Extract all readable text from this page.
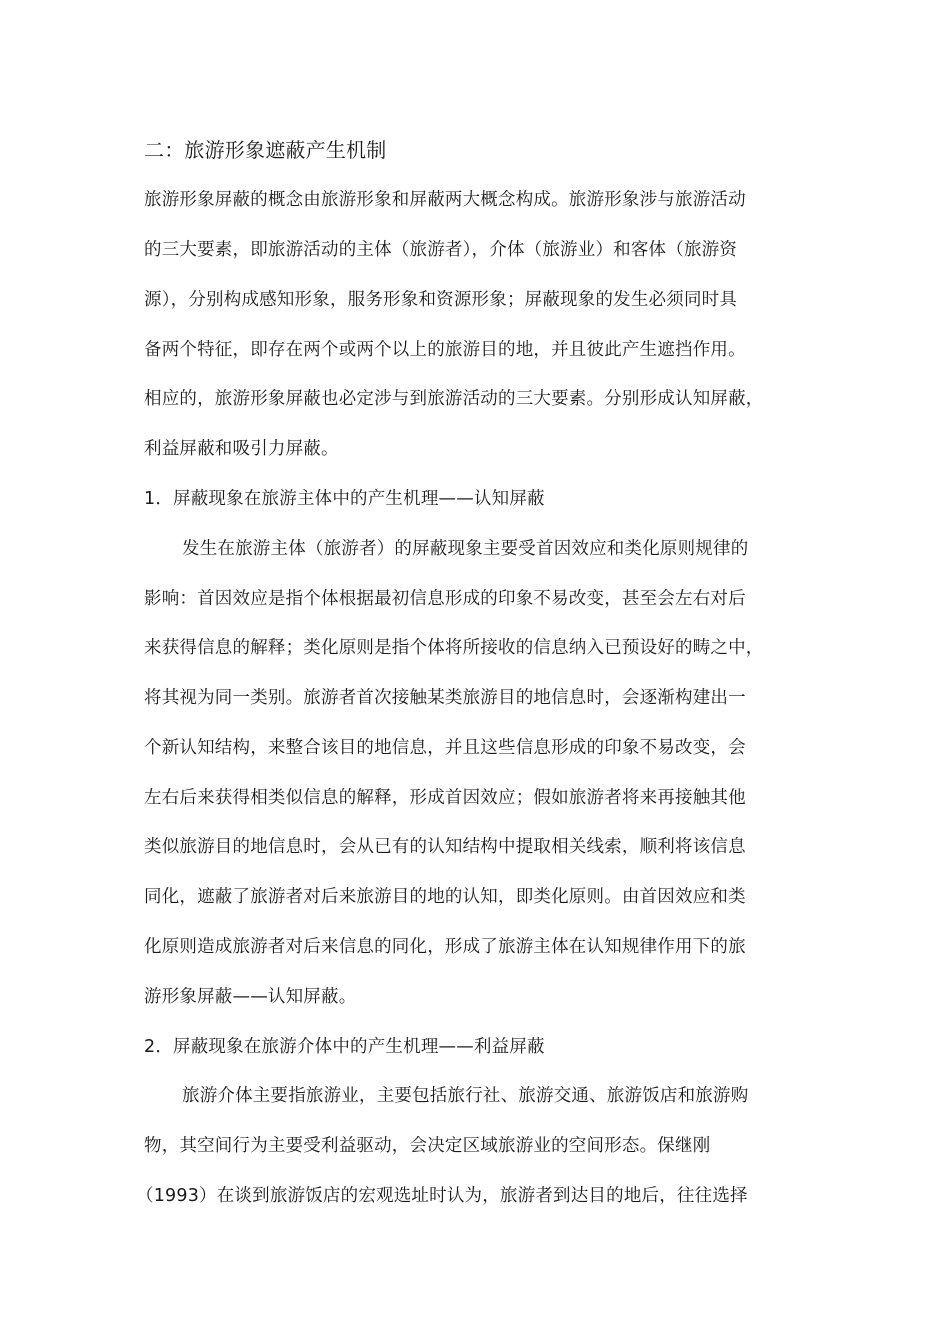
二：旅游形象遮蔽产生机制
旅游形象屏蔽的概念由旅游形象和屏蔽两大概念构成。旅游形象涉与旅游活动
的三大要素，即旅游活动的主体（旅游者），介体（旅游业）和客体（旅游资
源），分别构成感知形象，服务形象和资源形象；屏蔽现象的发生必须同时具
备两个特征，即存在两个或两个以上的旅游目的地，并且彼此产生遮挡作用。
相应的，旅游形象屏蔽也必定涉与到旅游活动的三大要素。分别形成认知屏蔽，
利益屏蔽和吸引力屏蔽。
1．屏蔽现象在旅游主体中的产生机理——认知屏蔽
发生在旅游主体（旅游者）的屏蔽现象主要受首因效应和类化原则规律的
影响：首因效应是指个体根据最初信息形成的印象不易改变，甚至会左右对后
来获得信息的解释；类化原则是指个体将所接收的信息纳入已预设好的畴之中，
将其视为同一类别。旅游者首次接触某类旅游目的地信息时，会逐渐构建出一
个新认知结构，来整合该目的地信息，并且这些信息形成的印象不易改变，会
左右后来获得相类似信息的解释，形成首因效应；假如旅游者将来再接触其他
类似旅游目的地信息时，会从已有的认知结构中提取相关线索，顺利将该信息
同化，遮蔽了旅游者对后来旅游目的地的认知，即类化原则。由首因效应和类
化原则造成旅游者对后来信息的同化，形成了旅游主体在认知规律作用下的旅
游形象屏蔽——认知屏蔽。
2．屏蔽现象在旅游介体中的产生机理——利益屏蔽
旅游介体主要指旅游业，主要包括旅行社、旅游交通、旅游饭店和旅游购
物，其空间行为主要受利益驱动，会决定区域旅游业的空间形态。保继刚
（1993）在谈到旅游饭店的宏观选址时认为，旅游者到达目的地后，往往选择
